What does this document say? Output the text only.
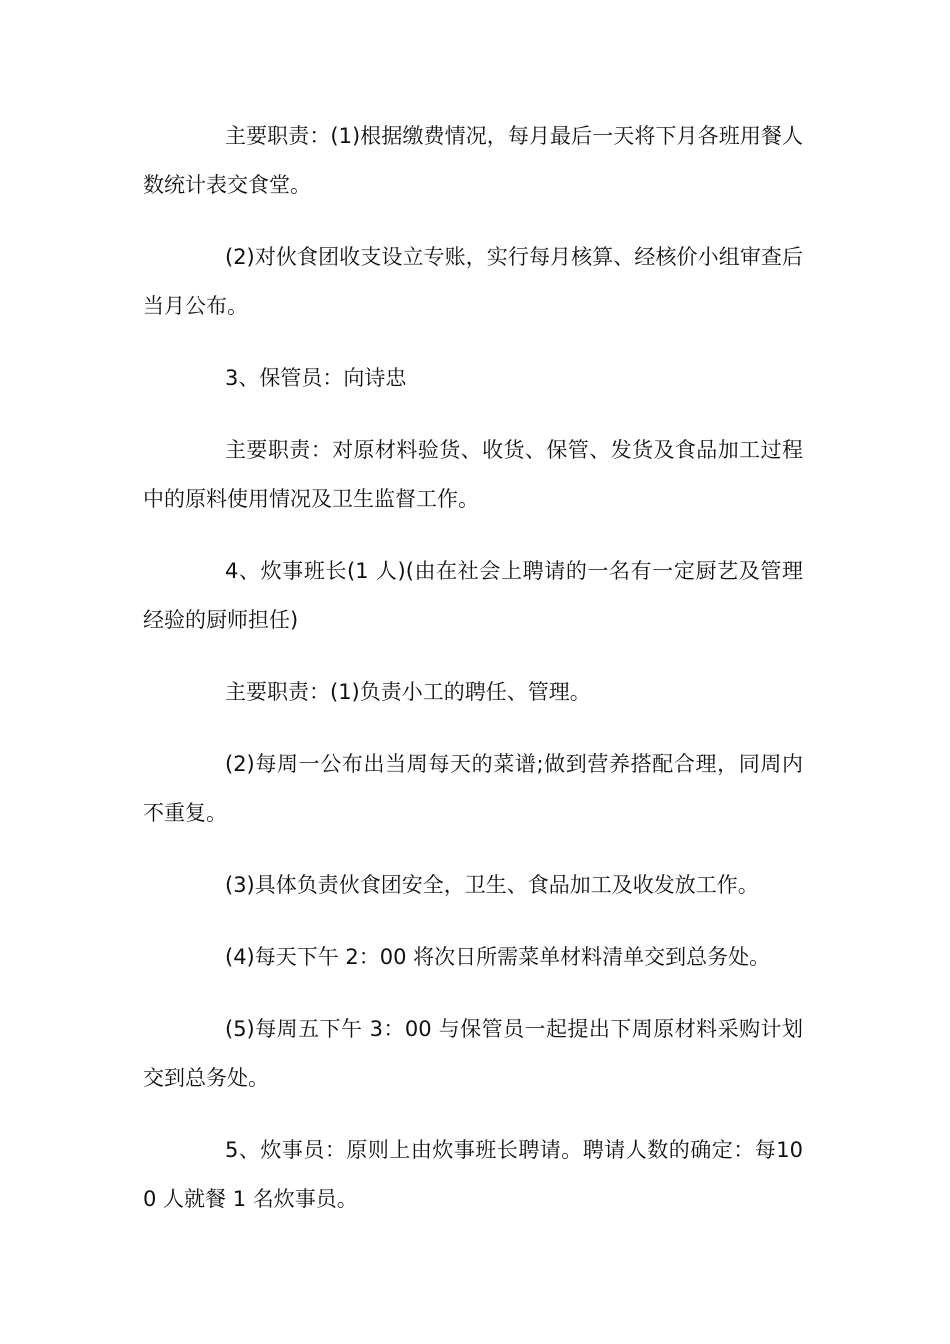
主要职责：(1)根据缴费情况，每月最后一天将下月各班用餐人数统计表交食堂。

(2)对伙食团收支设立专账，实行每月核算、经核价小组审查后当月公布。

3、保管员：向诗忠

主要职责：对原材料验货、收货、保管、发货及食品加工过程中的原料使用情况及卫生监督工作。

4、炊事班长(1 人)(由在社会上聘请的一名有一定厨艺及管理经验的厨师担任)

主要职责：(1)负责小工的聘任、管理。

(2)每周一公布出当周每天的菜谱;做到营养搭配合理，同周内不重复。

(3)具体负责伙食团安全，卫生、食品加工及收发放工作。

(4)每天下午 2：00 将次日所需菜单材料清单交到总务处。

(5)每周五下午 3：00 与保管员一起提出下周原材料采购计划交到总务处。

5、炊事员：原则上由炊事班长聘请。聘请人数的确定：每100 人就餐 1 名炊事员。
